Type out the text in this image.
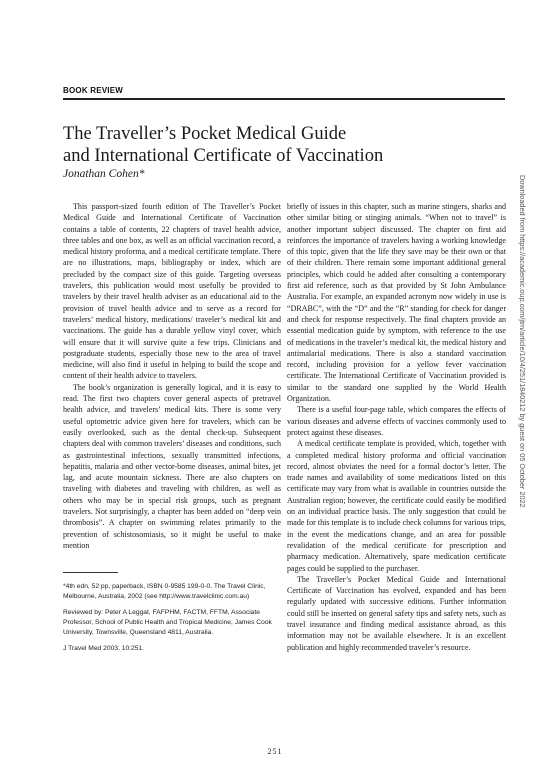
BOOK REVIEW
The Traveller’s Pocket Medical Guide
and International Certificate of Vaccination
Jonathan Cohen*

This passport-sized fourth edition of The Traveller’s Pocket Medical Guide and International Certificate of Vaccination contains a table of contents, 22 chapters of travel health advice, three tables and one box, as well as an official vaccination record, a medical history proforma, and a medical certificate template. There are no illustrations, maps, bibliography or index, which are precluded by the compact size of this guide. Targeting overseas travelers, this publication would most usefully be provided to travelers by their travel health adviser as an educational aid to the provision of travel health advice and to serve as a record for travelers’ medical history, medications/ traveler’s medical kit and vaccinations. The guide has a durable yellow vinyl cover, which will ensure that it will survive quite a few trips. Clinicians and postgraduate students, especially those new to the area of travel medicine, will also find it useful in helping to build the scope and content of their health advice to travelers.

The book’s organization is generally logical, and it is easy to read. The first two chapters cover general aspects of pretravel health advice, and travelers’ medical kits. There is some very useful optometric advice given here for travelers, which can be easily overlooked, such as the dental check-up. Subsequent chapters deal with common travelers’ diseases and conditions, such as gastrointestinal infections, sexually transmitted infections, hepatitis, malaria and other vector-borne diseases, animal bites, jet lag, and acute mountain sickness. There are also chapters on traveling with diabetes and traveling with children, as well as others who may be in special risk groups, such as pregnant travelers. Not surprisingly, a chapter has been added on “deep vein thrombosis”. A chapter on swimming relates primarily to the prevention of schistosomiasis, so it might be useful to make mention

briefly of issues in this chapter, such as marine stingers, sharks and other similar biting or stinging animals. “When not to travel” is another important subject discussed. The chapter on first aid reinforces the importance of travelers having a working knowledge of this topic, given that the life they save may be their own or that of their children. There remain some important additional general principles, which could be added after consulting a contemporary first aid reference, such as that provided by St John Ambulance Australia. For example, an expanded acronym now widely in use is “DRABC”, with the “D” and the “R” standing for check for danger and check for response respectively. The final chapters provide an essential medication guide by symptom, with reference to the use of medications in the traveler’s medical kit, the medical history and antimalarial medications. There is also a standard vaccination record, including provision for a yellow fever vaccination certificate. The International Certificate of Vaccination provided is similar to the standard one supplied by the World Health Organization.

There is a useful four-page table, which compares the effects of various diseases and adverse effects of vaccines commonly used to protect against these diseases.

A medical certificate template is provided, which, together with a completed medical history proforma and official vaccination record, almost obviates the need for a formal doctor’s letter. The trade names and availability of some medications listed on this certificate may vary from what is available in countries outside the Australian region; however, the certificate could easily be modified on an individual practice basis. The only suggestion that could be made for this template is to include check columns for various trips, in the event the medications change, and an area for possible revalidation of the medical certificate for prescription and pharmacy medication. Alternatively, spare medication certificate pages could be supplied to the purchaser.

The Traveller’s Pocket Medical Guide and International Certificate of Vaccination has evolved, expanded and has been regularly updated with successive editions. Further information could still be inserted on general safety tips and safety nets, such as travel insurance and finding medical assistance abroad, as this information may not be available elsewhere. It is an excellent publication and highly recommended traveler’s resource.

*4th edn, 52 pp, paperback, ISBN 0-9585 199-0-0. The Travel Clinic, Melbourne, Australia, 2002 (see http://www.travelclinic.com.au)

Reviewed by: Peter A Leggat, FAFPHM, FACTM, FFTM, Associate Professor, School of Public Health and Tropical Medicine, James Cook University, Townsville, Queensland 4811, Australia.

J Travel Med 2003, 10:251.

251
Downloaded from https://academic.oup.com/jtm/article/10/4/251/1840212 by guest on 05 October 2022
